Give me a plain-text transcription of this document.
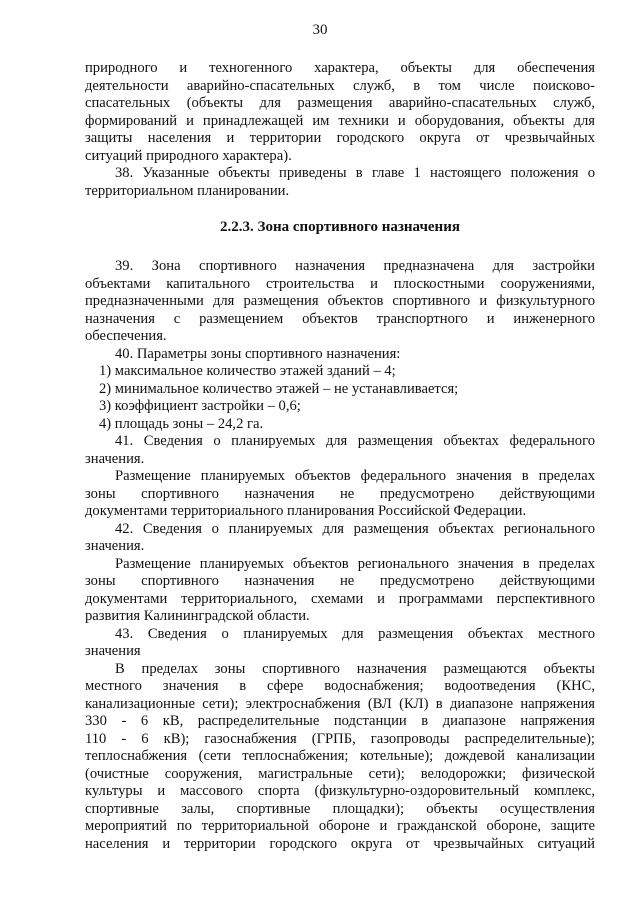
30
природного и техногенного характера, объекты для обеспечения
деятельности аварийно-спасательных служб, в том числе поисково-
спасательных (объекты для размещения аварийно-спасательных служб,
формирований и принадлежащей им техники и оборудования, объекты для
защиты населения и территории городского округа от чрезвычайных
ситуаций природного характера).
38. Указанные объекты приведены в главе 1 настоящего положения о
территориальном планировании.
2.2.3. Зона спортивного назначения
39. Зона спортивного назначения предназначена для застройки
объектами капитального строительства и плоскостными сооружениями,
предназначенными для размещения объектов спортивного и физкультурного
назначения с размещением объектов транспортного и инженерного
обеспечения.
40. Параметры зоны спортивного назначения:
1) максимальное количество этажей зданий – 4;
2) минимальное количество этажей – не устанавливается;
3) коэффициент застройки – 0,6;
4) площадь зоны – 24,2 га.
41. Сведения о планируемых для размещения объектах федерального
значения.
Размещение планируемых объектов федерального значения в пределах
зоны спортивного назначения не предусмотрено действующими
документами территориального планирования Российской Федерации.
42. Сведения о планируемых для размещения объектах регионального
значения.
Размещение планируемых объектов регионального значения в пределах
зоны спортивного назначения не предусмотрено действующими
документами территориального, схемами и программами перспективного
развития Калининградской области.
43. Сведения о планируемых для размещения объектах местного
значения
В пределах зоны спортивного назначения размещаются объекты
местного значения в сфере водоснабжения; водоотведения (КНС,
канализационные сети); электроснабжения (ВЛ (КЛ) в диапазоне напряжения
330 - 6 кВ, распределительные подстанции в диапазоне напряжения
110 - 6 кВ); газоснабжения (ГРПБ, газопроводы распределительные);
теплоснабжения (сети теплоснабжения; котельные); дождевой канализации
(очистные сооружения, магистральные сети); велодорожки; физической
культуры и массового спорта (физкультурно-оздоровительный комплекс,
спортивные залы, спортивные площадки); объекты осуществления
мероприятий по территориальной обороне и гражданской обороне, защите
населения и территории городского округа от чрезвычайных ситуаций
